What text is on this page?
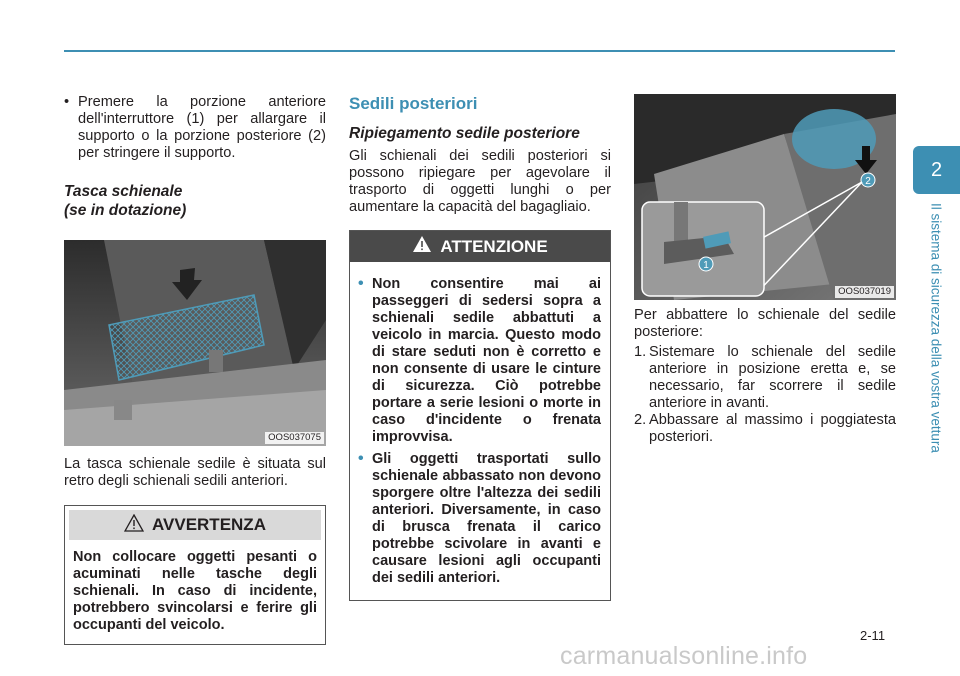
• Premere la porzione anteriore dell'interruttore (1) per allargare il supporto o la porzione posteriore (2) per stringere il supporto.
Tasca schienale
(se in dotazione)
OOS037075

La tasca schienale sedile è situata sul retro degli schienali sedili anteriori.

AVVERTENZA
Non collocare oggetti pesanti o acuminati nelle tasche degli schienali. In caso di incidente, potrebbero svincolarsi e ferire gli occupanti del veicolo.
Sedili posteriori
Ripiegamento sedile posteriore

Gli schienali dei sedili posteriori si possono ripiegare per agevolare il trasporto di oggetti lunghi o per aumentare la capacità del bagagliaio.

ATTENZIONE
• Non consentire mai ai passeggeri di sedersi sopra a schienali sedile abbattuti a veicolo in marcia. Questo modo di stare seduti non è corretto e non consente di usare le cinture di sicurezza. Ciò potrebbe portare a serie lesioni o morte in caso d'incidente o frenata improvvisa.
• Gli oggetti trasportati sullo schienale abbassato non devono sporgere oltre l'altezza dei sedili anteriori. Diversamente, in caso di brusca frenata il carico potrebbe scivolare in avanti e causare lesioni agli occupanti dei sedili anteriori.
2
1
OOS037019

Per abbattere lo schienale del sedile posteriore:

1. Sistemare lo schienale del sedile anteriore in posizione eretta e, se necessario, far scorrere il sedile anteriore in avanti.
2. Abbassare al massimo i poggiatesta posteriori.
2
Il sistema di sicurezza della vostra vettura
2-11
carmanualsonline.info
